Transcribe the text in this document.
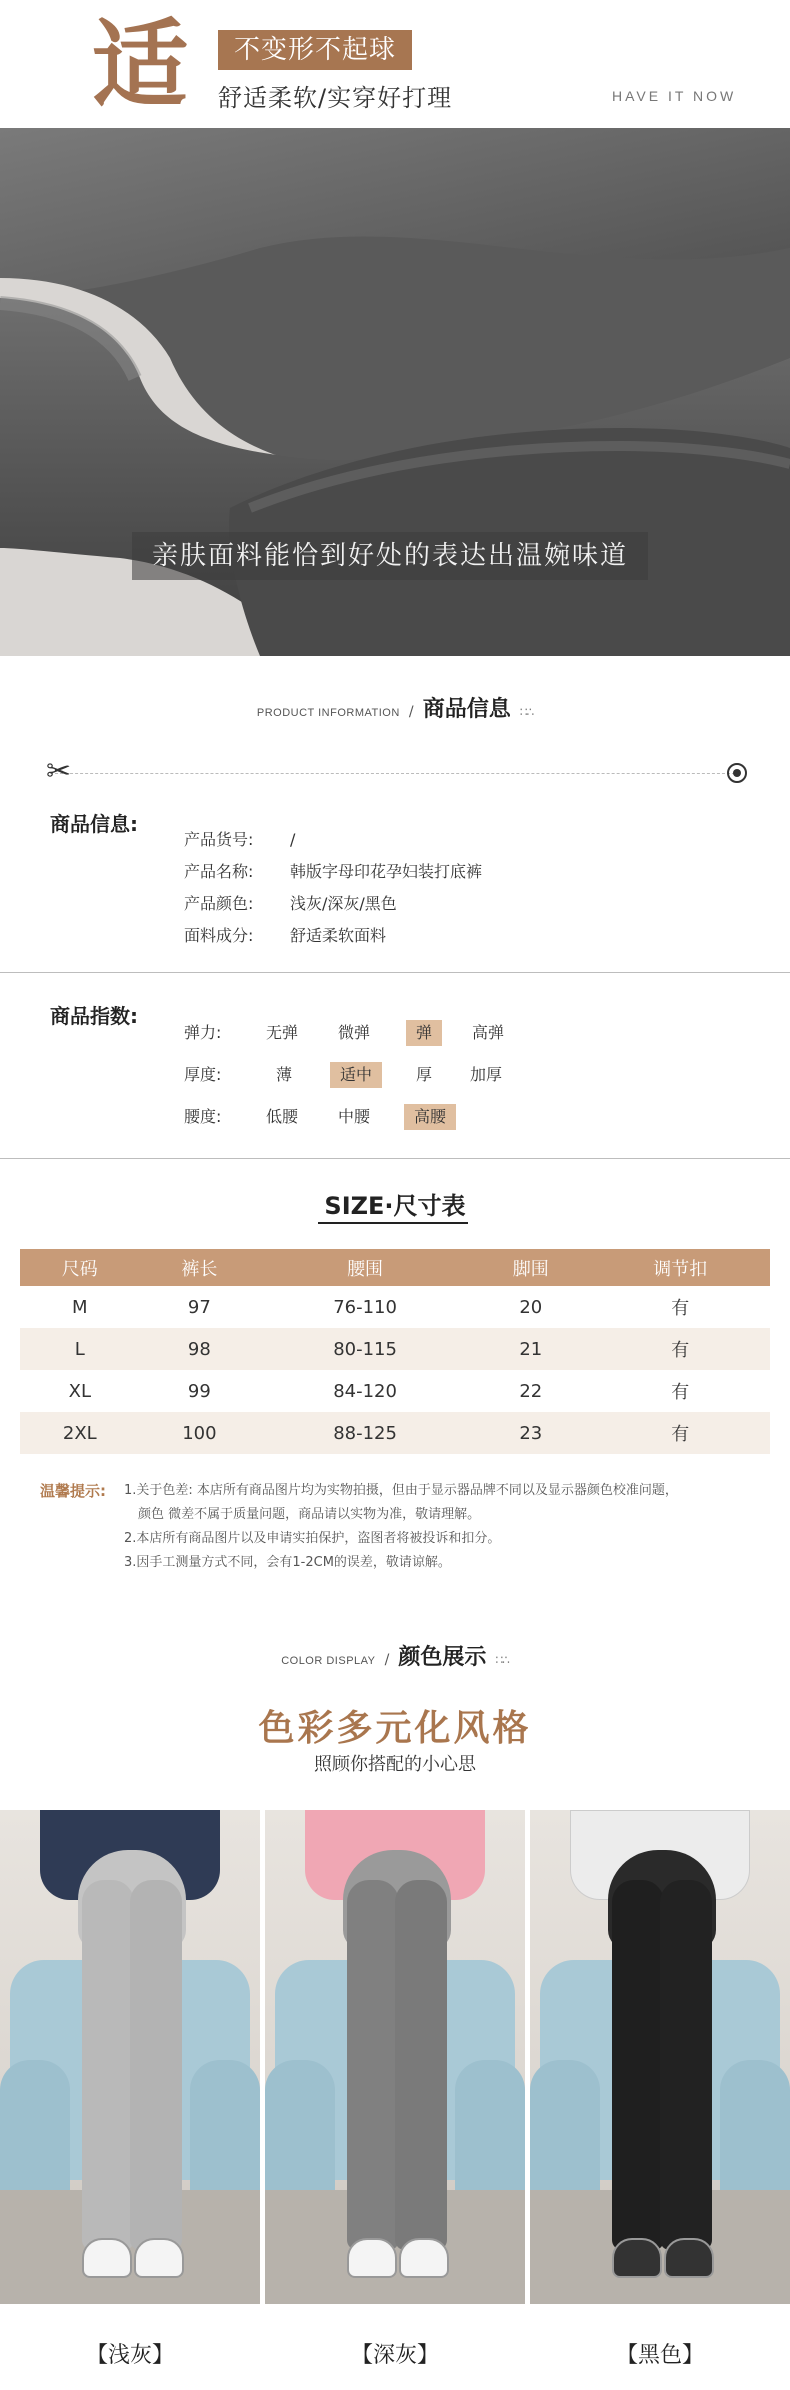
适	不变形不起球
舒适柔软/实穿好打理	HAVE IT NOW
亲肤面料能恰到好处的表达出温婉味道
PRODUCT INFORMATION / 商品信息 ∷∴
✂
商品信息:
产品货号: /
产品名称: 韩版字母印花孕妇装打底裤
产品颜色: 浅灰/深灰/黑色
面料成分: 舒适柔软面料
商品指数:
弹力:	无弹 微弹	弹	高弹
厚度:	薄	适中	厚 加厚
腰度:	低腰 中腰	高腰
SIZE·尺寸表
尺码	裤长	腰围	脚围	调节扣
M	97	76-110	20	有
L	98	80-115	21	有
XL	99	84-120	22	有
2XL	100	88-125	23	有
温馨提示: 1.关于色差: 本店所有商品图片均为实物拍摄，但由于显示器品牌不同以及显示器颜色校准问题，
颜色 微差不属于质量问题，商品请以实物为准，敬请理解。
2.本店所有商品图片以及申请实拍保护，盗图者将被投诉和扣分。
3.因手工测量方式不同，会有1-2CM的误差，敬请谅解。
COLOR DISPLAY / 颜色展示 ∷∴
色彩多元化风格
照顾你搭配的小心思
【浅灰】	【深灰】	【黑色】
